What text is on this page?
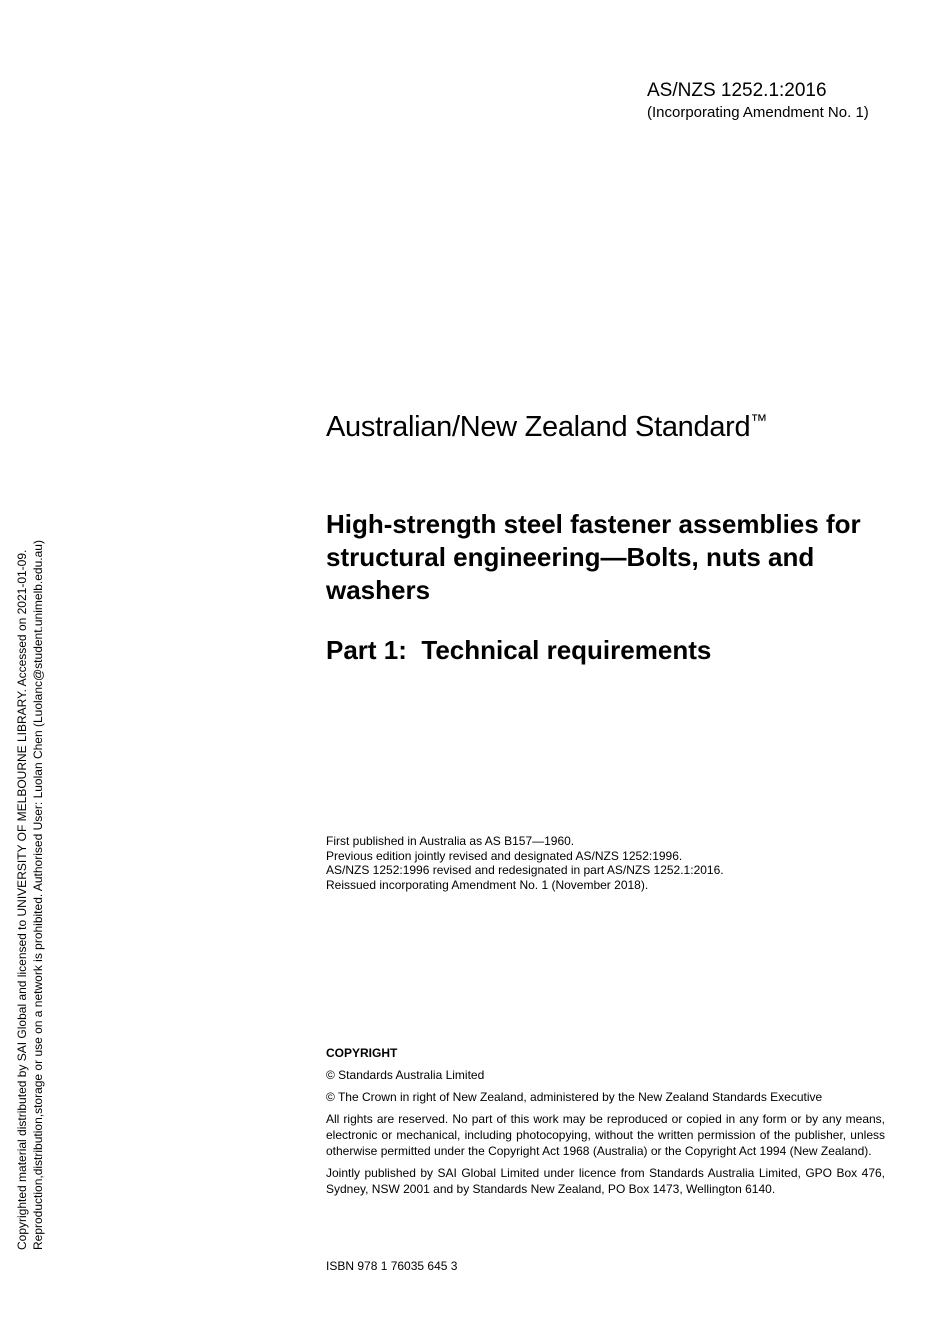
AS/NZS 1252.1:2016
(Incorporating Amendment No. 1)
Australian/New Zealand Standard™
High-strength steel fastener assemblies for structural engineering—Bolts, nuts and washers
Part 1:  Technical requirements
First published in Australia as AS B157—1960.
Previous edition jointly revised and designated AS/NZS 1252:1996.
AS/NZS 1252:1996 revised and redesignated in part AS/NZS 1252.1:2016.
Reissued incorporating Amendment No. 1 (November 2018).

COPYRIGHT

© Standards Australia Limited

© The Crown in right of New Zealand, administered by the New Zealand Standards Executive

All rights are reserved. No part of this work may be reproduced or copied in any form or by any means, electronic or mechanical, including photocopying, without the written permission of the publisher, unless otherwise permitted under the Copyright Act 1968 (Australia) or the Copyright Act 1994 (New Zealand).

Jointly published by SAI Global Limited under licence from Standards Australia Limited, GPO Box 476, Sydney, NSW 2001 and by Standards New Zealand, PO Box 1473, Wellington 6140.

ISBN 978 1 76035 645 3
Copyrighted material distributed by SAI Global and licensed to UNIVERSITY OF MELBOURNE LIBRARY. Accessed on 2021-01-09. Reproduction,distribution,storage or use on a network is prohibited. Authorised User: Luolan Chen (Luolanc@student.unimelb.edu.au)
